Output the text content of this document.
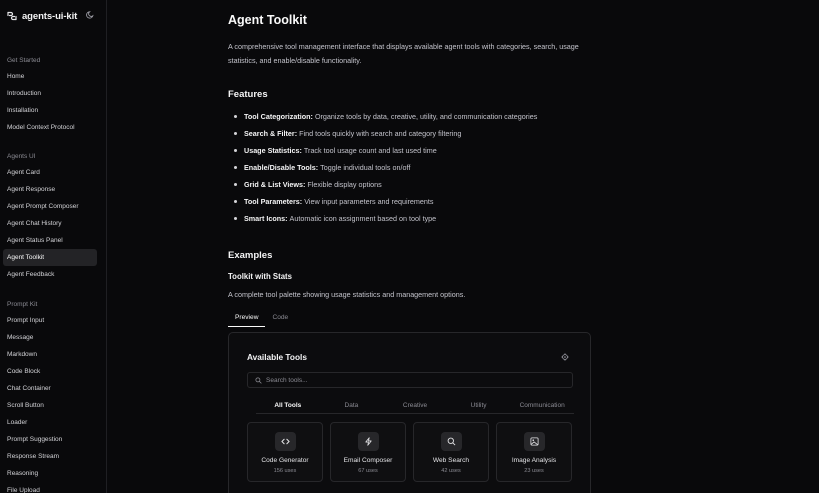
agents-ui-kit
Get Started
Home
Introduction
Installation
Model Context Protocol
Agents UI
Agent Card
Agent Response
Agent Prompt Composer
Agent Chat History
Agent Status Panel
Agent Toolkit
Agent Feedback
Prompt Kit
Prompt Input
Message
Markdown
Code Block
Chat Container
Scroll Button
Loader
Prompt Suggestion
Response Stream
Reasoning
File Upload
Agent Toolkit

A comprehensive tool management interface that displays available agent tools with categories, search, usage statistics, and enable/disable functionality.

Features
Tool Categorization: Organize tools by data, creative, utility, and communication categories
Search & Filter: Find tools quickly with search and category filtering
Usage Statistics: Track tool usage count and last used time
Enable/Disable Tools: Toggle individual tools on/off
Grid & List Views: Flexible display options
Tool Parameters: View input parameters and requirements
Smart Icons: Automatic icon assignment based on tool type
Examples
Toolkit with Stats

A complete tool palette showing usage statistics and management options.

Preview	Code
Available Tools
Search tools...
All Tools	Data	Creative	Utility	Communication
Code Generator
156 uses
Email Composer
67 uses
Web Search
42 uses
Image Analysis
23 uses
